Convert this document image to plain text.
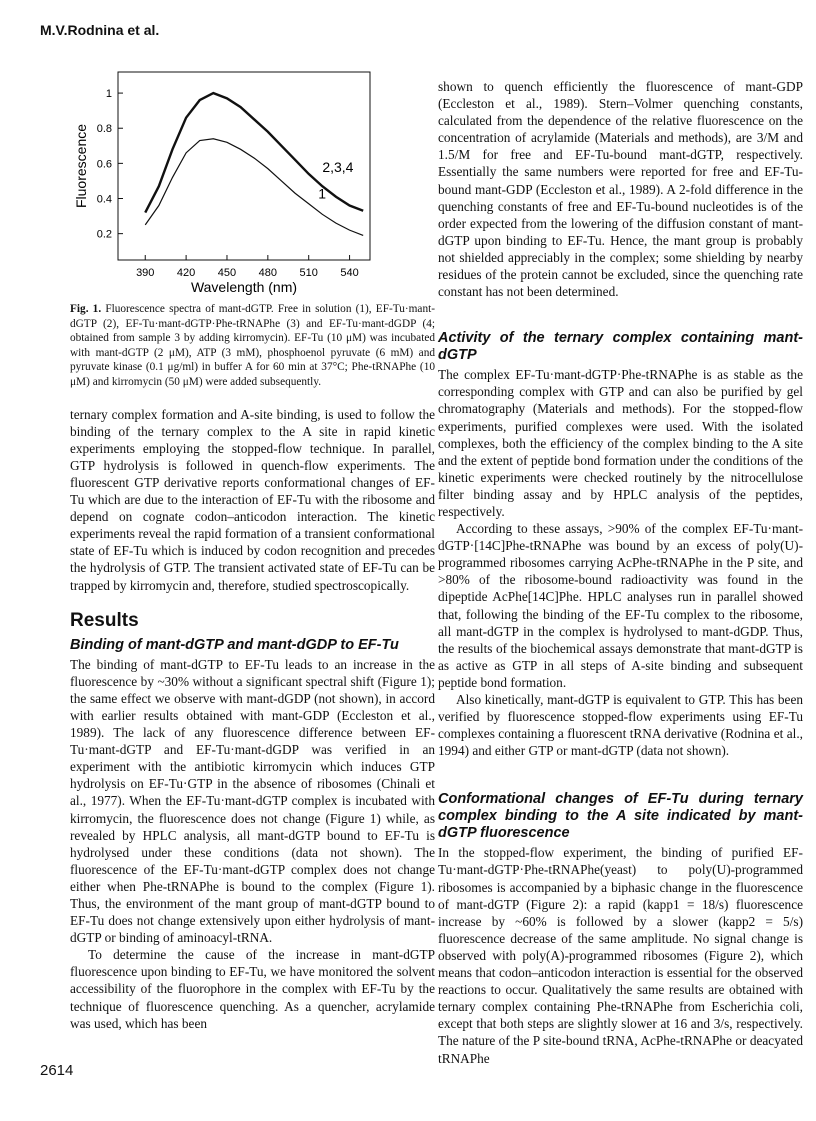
M.V.Rodnina et al.
390 420 450 480 510 540
0.2
0.4
0.6
0.8
1
Wavelength (nm)
Fluorescence	1
2,3,4
Fig. 1. Fluorescence spectra of mant-dGTP. Free in solution (1), EF-Tu·mant-dGTP (2), EF-Tu·mant-dGTP·Phe-tRNAPhe (3) and EF-Tu·mant-dGDP (4; obtained from sample 3 by adding kirromycin). EF-Tu (10 μM) was incubated with mant-dGTP (2 μM), ATP (3 mM), phosphoenol pyruvate (6 mM) and pyruvate kinase (0.1 μg/ml) in buffer A for 60 min at 37°C; Phe-tRNAPhe (10 μM) and kirromycin (50 μM) were added subsequently.

ternary complex formation and A-site binding, is used to follow the binding of the ternary complex to the A site in rapid kinetic experiments employing the stopped-flow technique. In parallel, GTP hydrolysis is followed in quench-flow experiments. The fluorescent GTP derivative reports conformational changes of EF-Tu which are due to the interaction of EF-Tu with the ribosome and depend on cognate codon–anticodon interaction. The kinetic experiments reveal the rapid formation of a transient conformational state of EF-Tu which is induced by codon recognition and precedes the hydrolysis of GTP. The transient activated state of EF-Tu can be trapped by kirromycin and, therefore, studied spectroscopically.

Results
Binding of mant-dGTP and mant-dGDP to EF-Tu

The binding of mant-dGTP to EF-Tu leads to an increase in the fluorescence by ~30% without a significant spectral shift (Figure 1); the same effect we observe with mant-dGDP (not shown), in accord with earlier results obtained with mant-GDP (Eccleston et al., 1989). The lack of any fluorescence difference between EF-Tu·mant-dGTP and EF-Tu·mant-dGDP was verified in an experiment with the antibiotic kirromycin which induces GTP hydrolysis on EF-Tu·GTP in the absence of ribosomes (Chinali et al., 1977). When the EF-Tu·mant-dGTP complex is incubated with kirromycin, the fluorescence does not change (Figure 1) while, as revealed by HPLC analysis, all mant-dGTP bound to EF-Tu is hydrolysed under these conditions (data not shown). The fluorescence of the EF-Tu·mant-dGTP complex does not change either when Phe-tRNAPhe is bound to the complex (Figure 1). Thus, the environment of the mant group of mant-dGTP bound to EF-Tu does not change extensively upon either hydrolysis of mant-dGTP or binding of aminoacyl-tRNA.

To determine the cause of the increase in mant-dGTP fluorescence upon binding to EF-Tu, we have monitored the solvent accessibility of the fluorophore in the complex with EF-Tu by the technique of fluorescence quenching. As a quencher, acrylamide was used, which has been

shown to quench efficiently the fluorescence of mant-GDP (Eccleston et al., 1989). Stern–Volmer quenching constants, calculated from the dependence of the relative fluorescence on the concentration of acrylamide (Materials and methods), are 3/M and 1.5/M for free and EF-Tu-bound mant-dGTP, respectively. Essentially the same numbers were reported for free and EF-Tu-bound mant-GDP (Eccleston et al., 1989). A 2-fold difference in the quenching constants of free and EF-Tu-bound nucleotides is of the order expected from the lowering of the diffusion constant of mant-dGTP upon binding to EF-Tu. Hence, the mant group is probably not shielded appreciably in the complex; some shielding by nearby residues of the protein cannot be excluded, since the quenching rate constant has not been determined.

Activity of the ternary complex containing mant-dGTP

The complex EF-Tu·mant-dGTP·Phe-tRNAPhe is as stable as the corresponding complex with GTP and can also be purified by gel chromatography (Materials and methods). For the stopped-flow experiments, purified complexes were used. With the isolated complexes, both the efficiency of the complex binding to the A site and the extent of peptide bond formation under the conditions of the kinetic experiments were checked routinely by the nitrocellulose filter binding assay and by HPLC analysis of the peptides, respectively.

According to these assays, >90% of the complex EF-Tu·mant-dGTP·[14C]Phe-tRNAPhe was bound by an excess of poly(U)-programmed ribosomes carrying AcPhe-tRNAPhe in the P site, and >80% of the ribosome-bound radioactivity was found in the dipeptide AcPhe[14C]Phe. HPLC analyses run in parallel showed that, following the binding of the EF-Tu complex to the ribosome, all mant-dGTP in the complex is hydrolysed to mant-dGDP. Thus, the results of the biochemical assays demonstrate that mant-dGTP is as active as GTP in all steps of A-site binding and subsequent peptide bond formation.

Also kinetically, mant-dGTP is equivalent to GTP. This has been verified by fluorescence stopped-flow experiments using EF-Tu complexes containing a fluorescent tRNA derivative (Rodnina et al., 1994) and either GTP or mant-dGTP (data not shown).

Conformational changes of EF-Tu during ternary complex binding to the A site indicated by mant-dGTP fluorescence

In the stopped-flow experiment, the binding of purified EF-Tu·mant-dGTP·Phe-tRNAPhe(yeast) to poly(U)-programmed ribosomes is accompanied by a biphasic change in the fluorescence of mant-dGTP (Figure 2): a rapid (kapp1 = 18/s) fluorescence increase by ~60% is followed by a slower (kapp2 = 5/s) fluorescence decrease of the same amplitude. No signal change is observed with poly(A)-programmed ribosomes (Figure 2), which means that codon–anticodon interaction is essential for the observed reactions to occur. Qualitatively the same results are obtained with ternary complex containing Phe-tRNAPhe from Escherichia coli, except that both steps are slightly slower at 16 and 3/s, respectively. The nature of the P site-bound tRNA, AcPhe-tRNAPhe or deacyated tRNAPhe

2614
